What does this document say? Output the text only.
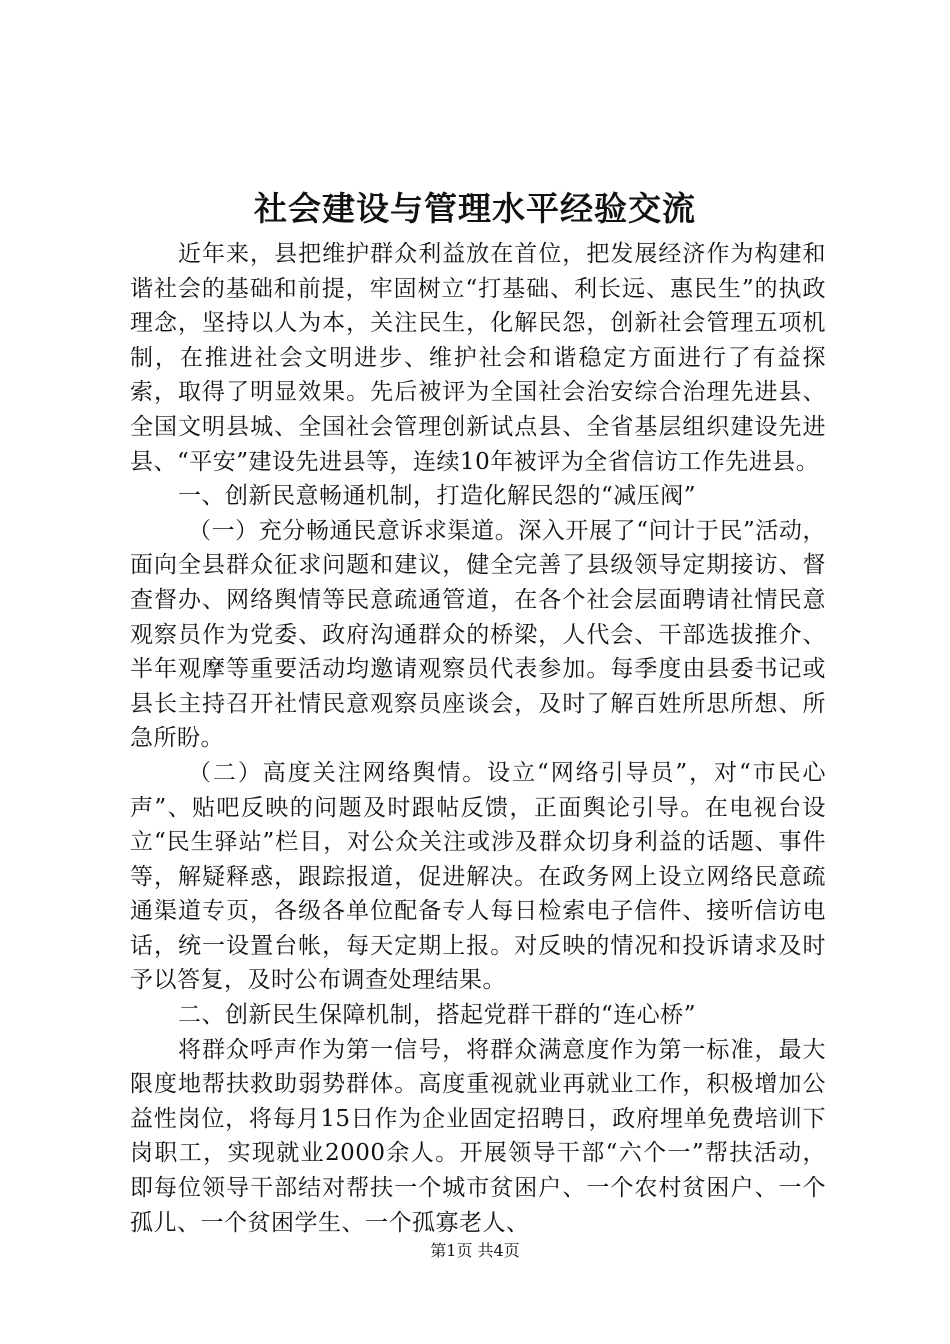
社会建设与管理水平经验交流

近年来，县把维护群众利益放在首位，把发展经济作为构建和谐社会的基础和前提，牢固树立“打基础、利长远、惠民生”的执政理念，坚持以人为本，关注民生，化解民怨，创新社会管理五项机制，在推进社会文明进步、维护社会和谐稳定方面进行了有益探索，取得了明显效果。先后被评为全国社会治安综合治理先进县、全国文明县城、全国社会管理创新试点县、全省基层组织建设先进县、“平安”建设先进县等，连续10年被评为全省信访工作先进县。

一、创新民意畅通机制，打造化解民怨的“减压阀”

（一）充分畅通民意诉求渠道。深入开展了“问计于民”活动，面向全县群众征求问题和建议，健全完善了县级领导定期接访、督查督办、网络舆情等民意疏通管道，在各个社会层面聘请社情民意观察员作为党委、政府沟通群众的桥梁，人代会、干部选拔推介、半年观摩等重要活动均邀请观察员代表参加。每季度由县委书记或县长主持召开社情民意观察员座谈会，及时了解百姓所思所想、所急所盼。

（二）高度关注网络舆情。设立“网络引导员”，对“市民心声”、贴吧反映的问题及时跟帖反馈，正面舆论引导。在电视台设立“民生驿站”栏目，对公众关注或涉及群众切身利益的话题、事件等，解疑释惑，跟踪报道，促进解决。在政务网上设立网络民意疏通渠道专页，各级各单位配备专人每日检索电子信件、接听信访电话，统一设置台帐，每天定期上报。对反映的情况和投诉请求及时予以答复，及时公布调查处理结果。

二、创新民生保障机制，搭起党群干群的“连心桥”

将群众呼声作为第一信号，将群众满意度作为第一标准，最大限度地帮扶救助弱势群体。高度重视就业再就业工作，积极增加公益性岗位，将每月15日作为企业固定招聘日，政府埋单免费培训下岗职工，实现就业2000余人。开展领导干部“六个一”帮扶活动，即每位领导干部结对帮扶一个城市贫困户、一个农村贫困户、一个孤儿、一个贫困学生、一个孤寡老人、

第1页 共4页
